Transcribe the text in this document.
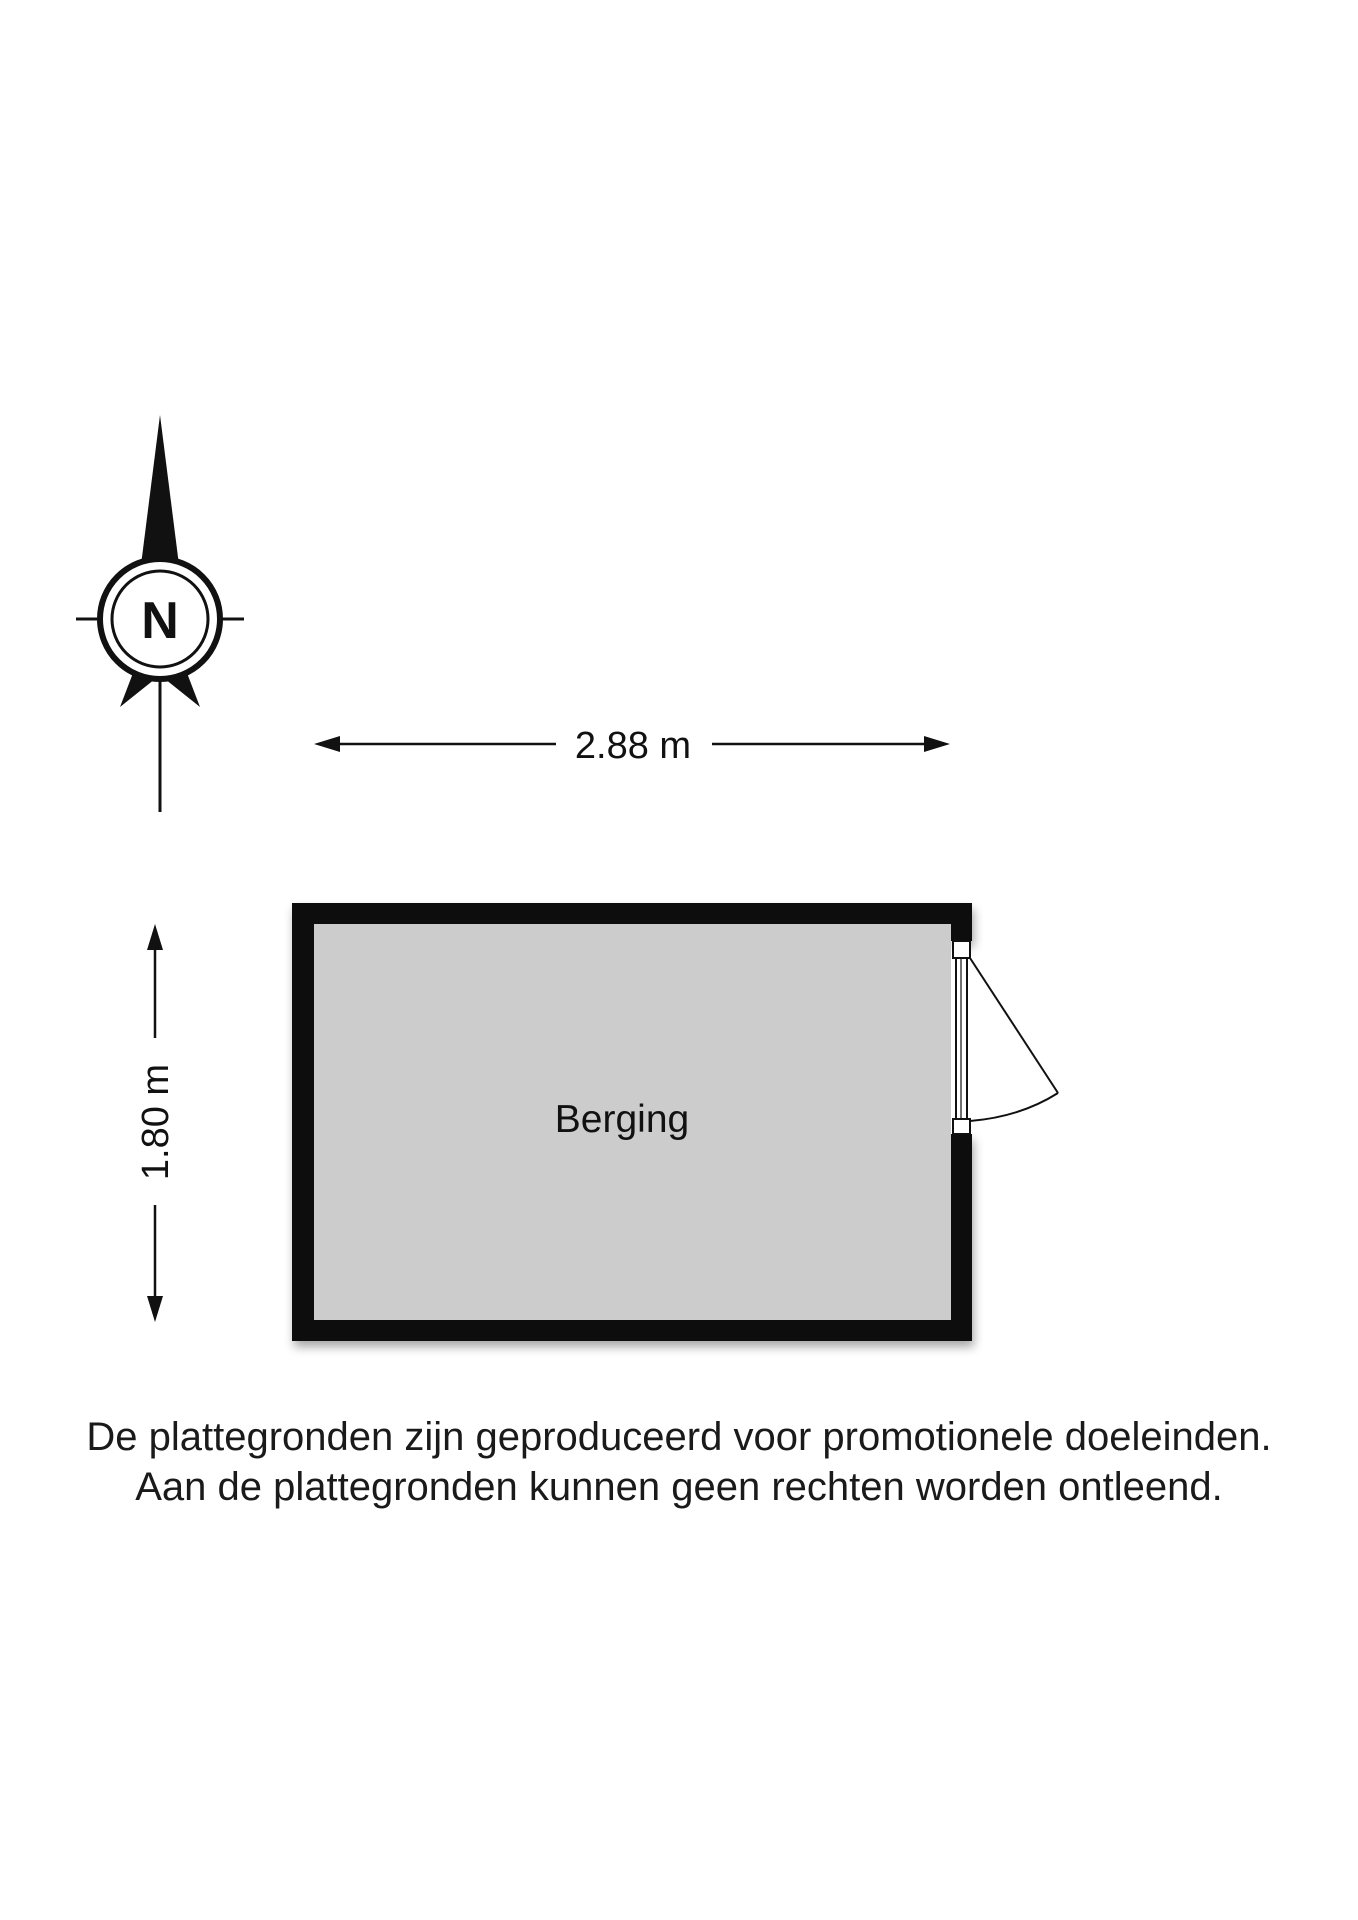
N
2.88 m
1.80 m	Berging
De plattegronden zijn geproduceerd voor promotionele doeleinden.
Aan de plattegronden kunnen geen rechten worden ontleend.
